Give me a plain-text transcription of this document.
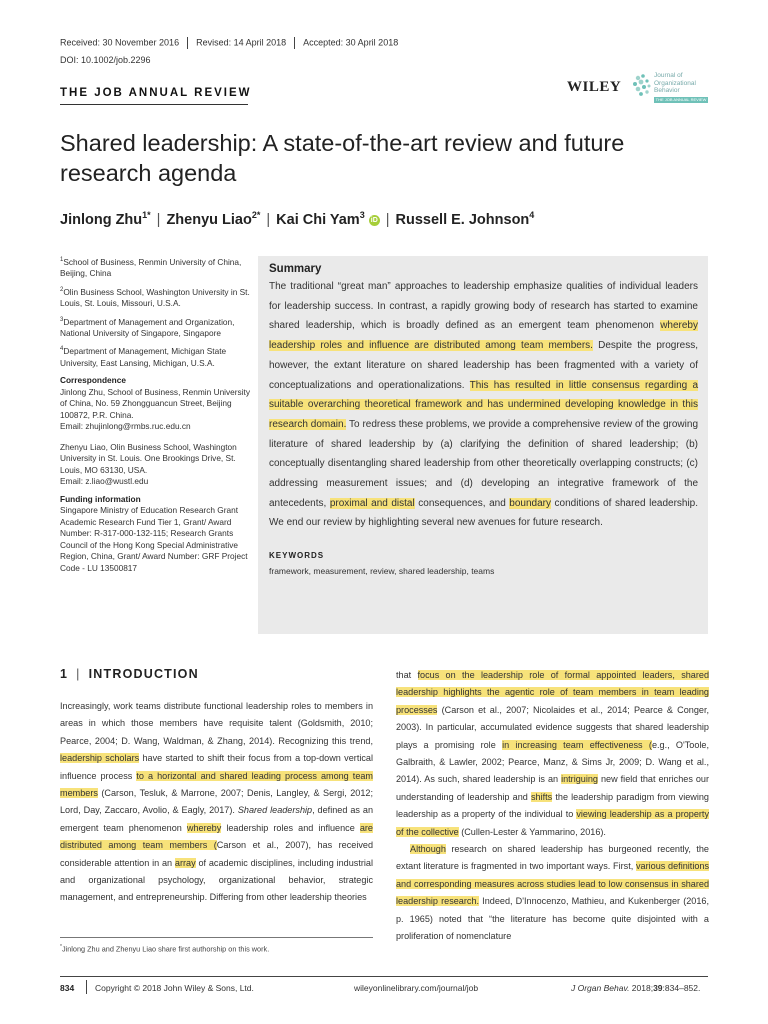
Received: 30 November 2016 Revised: 14 April 2018 Accepted: 30 April 2018
DOI: 10.1002/job.2296
THE JOB ANNUAL REVIEW	WILEY
Journal of Organizational Behavior
THE JOB ANNUAL REVIEW
Shared leadership: A state-of-the-art review and future research agenda
Jinlong Zhu$^{1*}$ | Zhenyu Liao$^{2*}$ | Kai Chi Yam$^3$ iD | Russell E. Johnson$^4$

$^1$School of Business, Renmin University of China, Beijing, China

$^2$Olin Business School, Washington University in St. Louis, St. Louis, Missouri, U.S.A.

$^3$Department of Management and Organization, National University of Singapore, Singapore

$^4$Department of Management, Michigan State University, East Lansing, Michigan, U.S.A.

Correspondence

Jinlong Zhu, School of Business, Renmin University of China, No. 59 Zhongguancun Street, Beijing 100872, P.R. China.
Email: zhujinlong@rmbs.ruc.edu.cn

Zhenyu Liao, Olin Business School, Washington University in St. Louis. One Brookings Drive, St. Louis, MO 63130, USA.
Email: z.liao@wustl.edu

Funding information

Singapore Ministry of Education Research Grant Academic Research Fund Tier 1, Grant/ Award Number: R-317-000-132-115; Research Grants Council of the Hong Kong Special Administrative Region, China, Grant/ Award Number: GRF Project Code - LU 13500817

Summary
The traditional “great man” approaches to leadership emphasize qualities of individual leaders for leadership success. In contrast, a rapidly growing body of research has started to examine shared leadership, which is broadly defined as an emergent team phenomenon whereby leadership roles and influence are distributed among team members. Despite the progress, however, the extant literature on shared leadership has been fragmented with a variety of conceptualizations and operationalizations. This has resulted in little consensus regarding a suitable overarching theoretical framework and has undermined developing knowledge in this research domain. To redress these problems, we provide a comprehensive review of the growing literature of shared leadership by (a) clarifying the definition of shared leadership; (b) conceptually disentangling shared leadership from other theoretically overlapping constructs; (c) addressing measurement issues; and (d) developing an integrative framework of the antecedents, proximal and distal consequences, and boundary conditions of shared leadership. We end our review by highlighting several new avenues for future research.
KEYWORDS
framework, measurement, review, shared leadership, teams
1 | INTRODUCTION

Increasingly, work teams distribute functional leadership roles to members in areas in which those members have requisite talent (Goldsmith, 2010; Pearce, 2004; D. Wang, Waldman, & Zhang, 2014). Recognizing this trend, leadership scholars have started to shift their focus from a top-down vertical influence process to a horizontal and shared leading process among team members (Carson, Tesluk, & Marrone, 2007; Denis, Langley, & Sergi, 2012; Lord, Day, Zaccaro, Avolio, & Eagly, 2017). Shared leadership, defined as an emergent team phenomenon whereby leadership roles and influence are distributed among team members (Carson et al., 2007), has received considerable attention in an array of academic disciplines, including industrial and organizational psychology, organizational behavior, strategic management, and entrepreneurship. Differing from other leadership theories

that focus on the leadership role of formal appointed leaders, shared leadership highlights the agentic role of team members in team leading processes (Carson et al., 2007; Nicolaides et al., 2014; Pearce & Conger, 2003). In particular, accumulated evidence suggests that shared leadership plays a promising role in increasing team effectiveness (e.g., O'Toole, Galbraith, & Lawler, 2002; Pearce, Manz, & Sims Jr, 2009; D. Wang et al., 2014). As such, shared leadership is an intriguing new field that enriches our understanding of leadership and shifts the leadership paradigm from viewing leadership as a property of the individual to viewing leadership as a property of the collective (Cullen-Lester & Yammarino, 2016).

Although research on shared leadership has burgeoned recently, the extant literature is fragmented in two important ways. First, various definitions and corresponding measures across studies lead to low consensus in shared leadership research. Indeed, D'Innocenzo, Mathieu, and Kukenberger (2016, p. 1965) noted that “the literature has become quite disjointed with a proliferation of nomenclature

*Jinlong Zhu and Zhenyu Liao share first authorship on this work.
834 Copyright © 2018 John Wiley & Sons, Ltd.	wileyonlinelibrary.com/journal/job	J Organ Behav. 2018;39:834–852.
